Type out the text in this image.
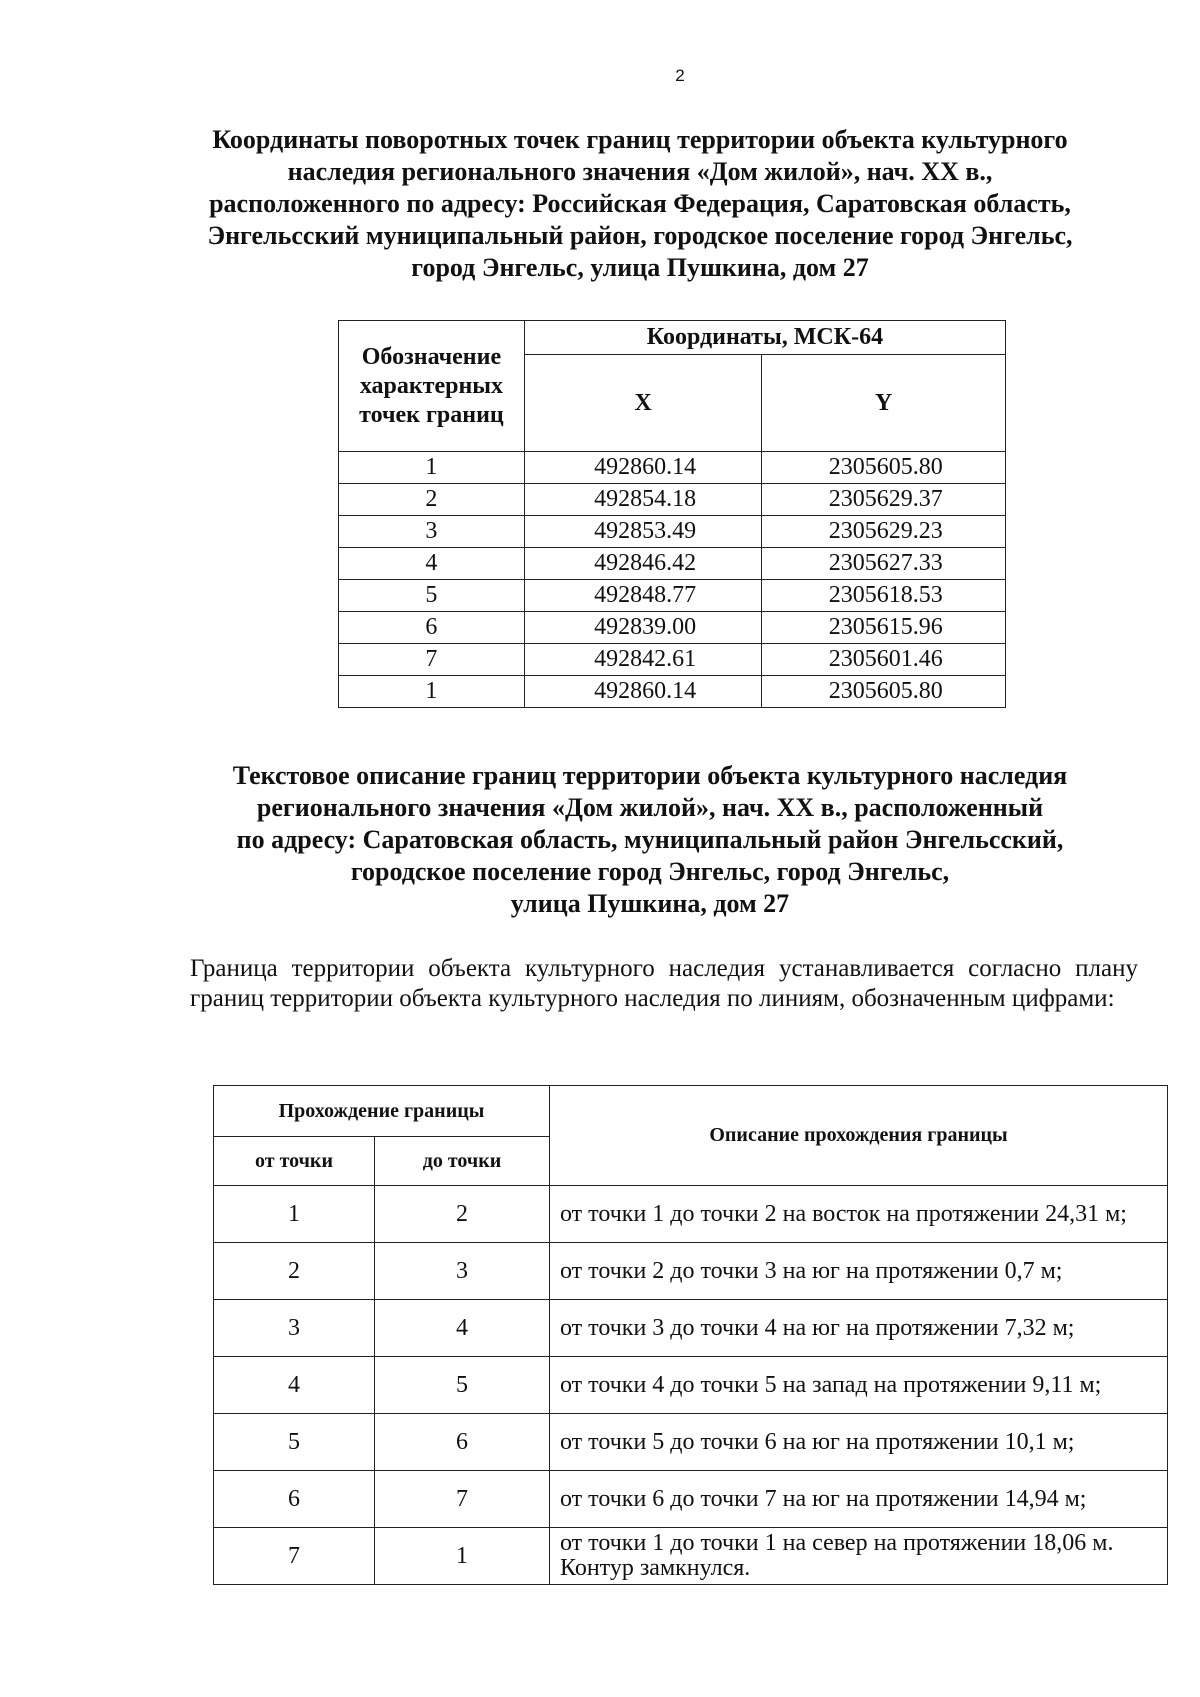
2
Координаты поворотных точек границ территории объекта культурного
наследия регионального значения «Дом жилой», нач. XX в.,
расположенного по адресу: Российская Федерация, Саратовская область,
Энгельсский муниципальный район, городское поселение город Энгельс,
город Энгельс, улица Пушкина, дом 27
Обозначение характерных точек границ	Координаты, МСК-64	
	X	Y
1	492860.14	2305605.80
2	492854.18	2305629.37
3	492853.49	2305629.23
4	492846.42	2305627.33
5	492848.77	2305618.53
6	492839.00	2305615.96
7	492842.61	2305601.46
1	492860.14	2305605.80
Текстовое описание границ территории объекта культурного наследия
регионального значения «Дом жилой», нач. XX в., расположенный
по адресу: Саратовская область, муниципальный район Энгельсский,
городское поселение город Энгельс, город Энгельс,
улица Пушкина, дом 27

Граница территории объекта культурного наследия устанавливается согласно плану границ территории объекта культурного наследия по линиям, обозначенным цифрами:

Прохождение границы		Описание прохождения границы
от точки	до точки	
1	2	от точки 1 до точки 2 на восток на протяжении 24,31 м;
2	3	от точки 2 до точки 3 на юг на протяжении 0,7 м;
3	4	от точки 3 до точки 4 на юг на протяжении 7,32 м;
4	5	от точки 4 до точки 5 на запад на протяжении 9,11 м;
5	6	от точки 5 до точки 6 на юг на протяжении 10,1 м;
6	7	от точки 6 до точки 7 на юг на протяжении 14,94 м;
7	1	от точки 1 до точки 1 на север на протяжении 18,06 м. Контур замкнулся.
